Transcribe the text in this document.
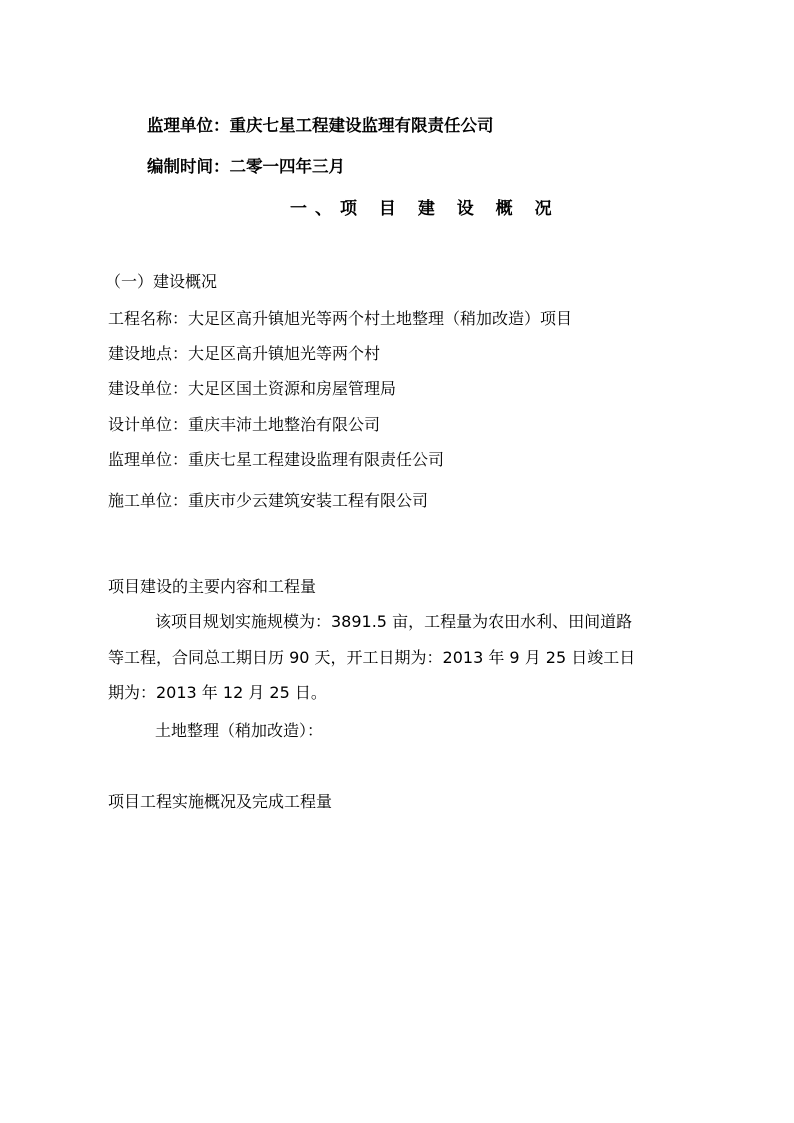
监理单位：重庆七星工程建设监理有限责任公司
编制时间：二零一四年三月
一、项 目 建 设 概 况
（一）建设概况
工程名称：大足区高升镇旭光等两个村土地整理（稍加改造）项目
建设地点：大足区高升镇旭光等两个村
建设单位：大足区国土资源和房屋管理局
设计单位：重庆丰沛土地整治有限公司
监理单位：重庆七星工程建设监理有限责任公司
施工单位：重庆市少云建筑安装工程有限公司
项目建设的主要内容和工程量
该项目规划实施规模为：3891.5 亩，工程量为农田水利、田间道路
等工程，合同总工期日历 90 天，开工日期为：2013 年 9 月 25 日竣工日
期为：2013 年 12 月 25 日。
土地整理（稍加改造）：
项目工程实施概况及完成工程量
